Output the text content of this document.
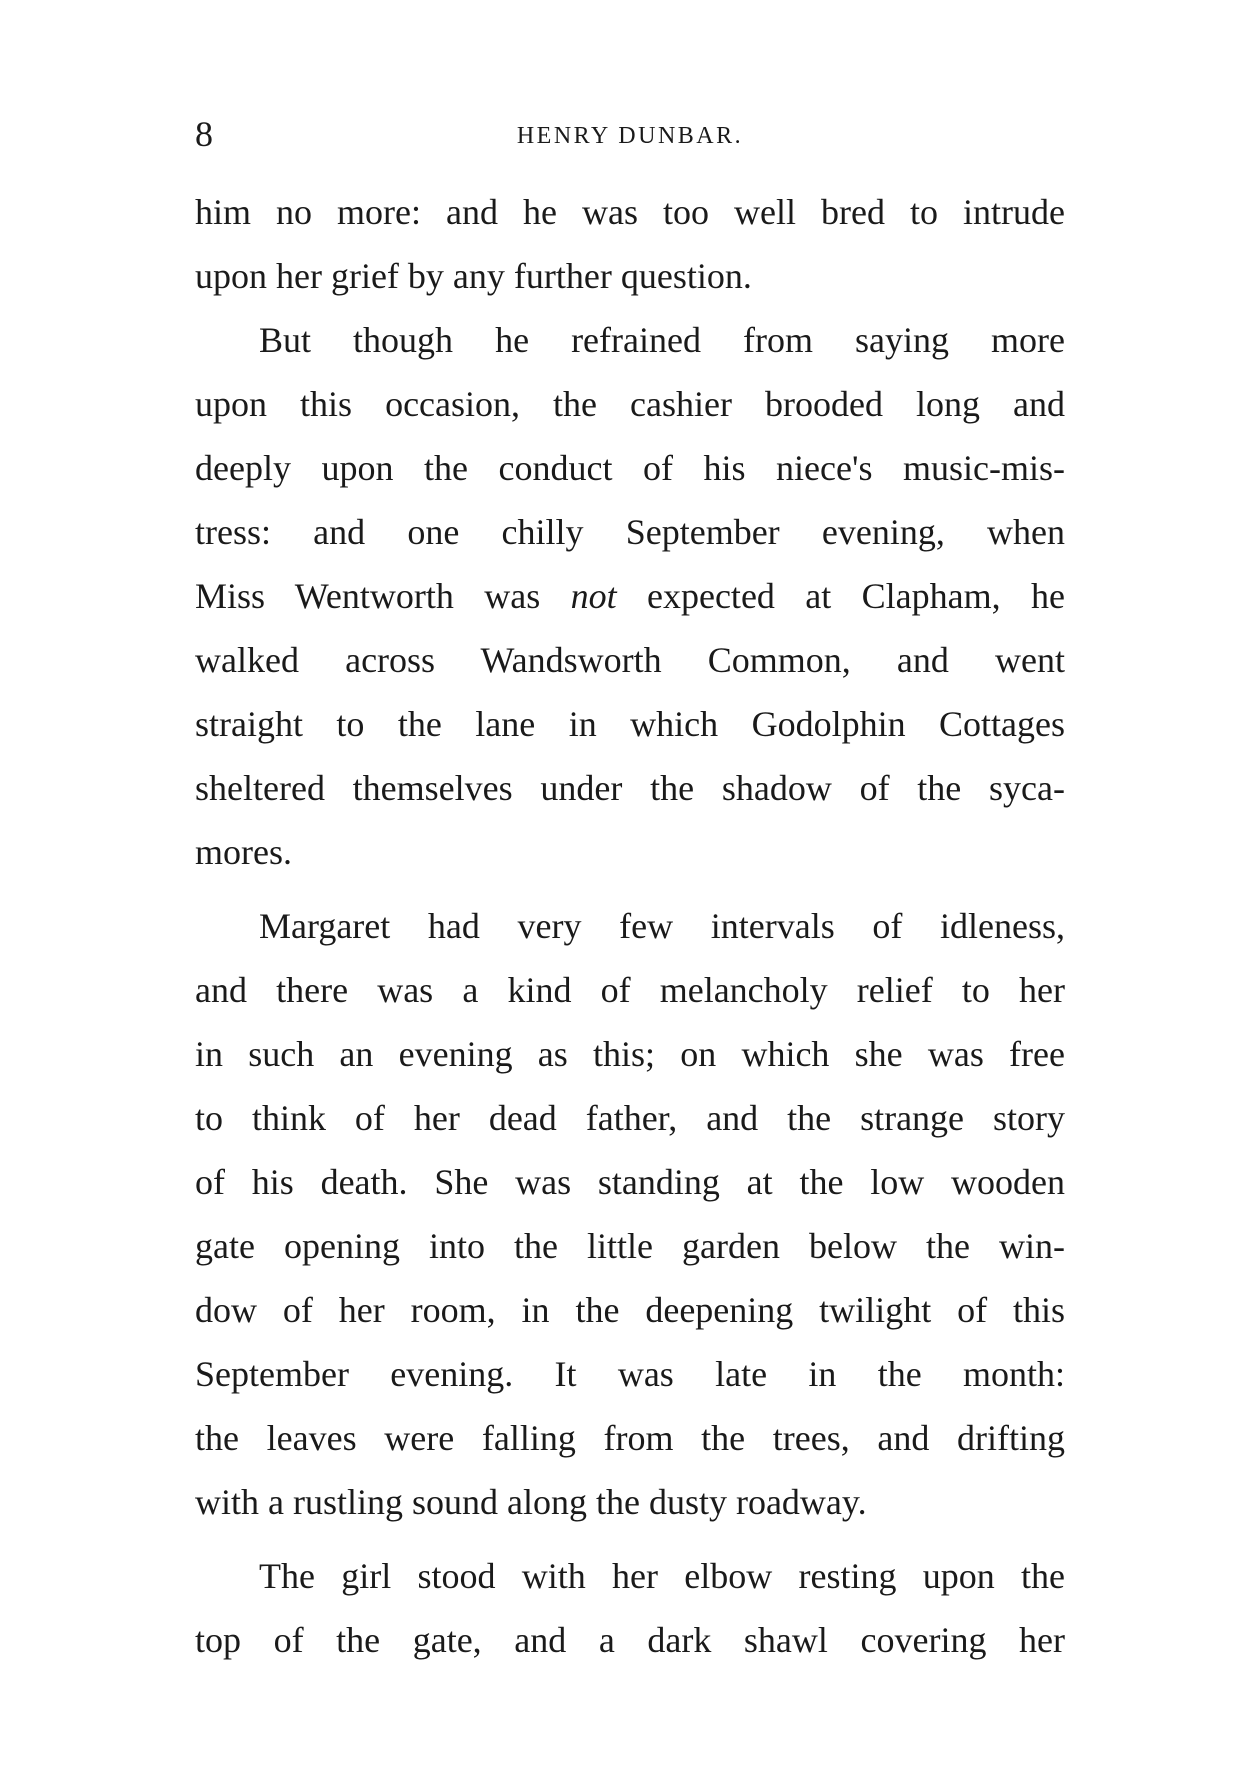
8	HENRY DUNBAR.
him no more: and he was too well bred to intrude
upon her grief by any further question.
But though he refrained from saying more
upon this occasion, the cashier brooded long and
deeply upon the conduct of his niece's music-mis-
tress: and one chilly September evening, when
Miss Wentworth was not expected at Clapham, he
walked across Wandsworth Common, and went
straight to the lane in which Godolphin Cottages
sheltered themselves under the shadow of the syca-
mores.
Margaret had very few intervals of idleness,
and there was a kind of melancholy relief to her
in such an evening as this; on which she was free
to think of her dead father, and the strange story
of his death. She was standing at the low wooden
gate opening into the little garden below the win-
dow of her room, in the deepening twilight of this
September evening. It was late in the month:
the leaves were falling from the trees, and drifting
with a rustling sound along the dusty roadway.
The girl stood with her elbow resting upon the
top of the gate, and a dark shawl covering her
